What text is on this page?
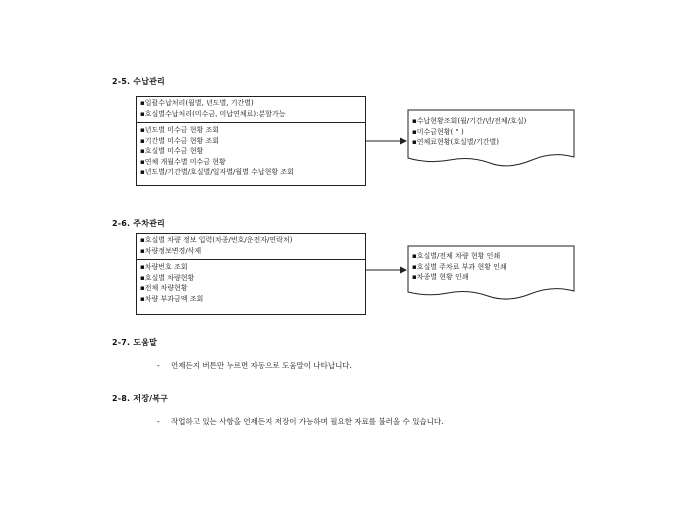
2-5. 수납관리
▪일괄수납처리(월별, 년도별, 기간별)
▪호실별수납처리(미수금, 미납연체료):분할가능
▪년도별 미수금 현황 조회
▪기간별 미수금 현황 조회
▪호실별 미수금 현황
▪연체 개월수별 미수금 현황
▪년도별/기간별/호실별/일자별/월별 수납현황 조회
2-6. 주차관리
▪호실별 차량 정보 입력(차종/번호/운전자/연락처)
▪차량정보변경/삭제
▪차량번호 조회
▪호실별 차량현황
▪전체 차량현황
▪차량 부과금액 조회
▪수납현황조회(월/기간/년/전체/호실)
▪미수금현황( " )
▪연체료현황(호실별/기간별)
▪호실별/전체 차량 현황 인쇄
▪호실별 주차료 부과 현황 인쇄
▪차종별 현황 인쇄
2-7. 도움말
- 언제든지 버튼만 누르면 자동으로 도움말이 나타납니다.
2-8. 저장/복구
- 작업하고 있는 사항을 언제든지 저장이 가능하며 필요한 자료를 불러올 수 있습니다.
